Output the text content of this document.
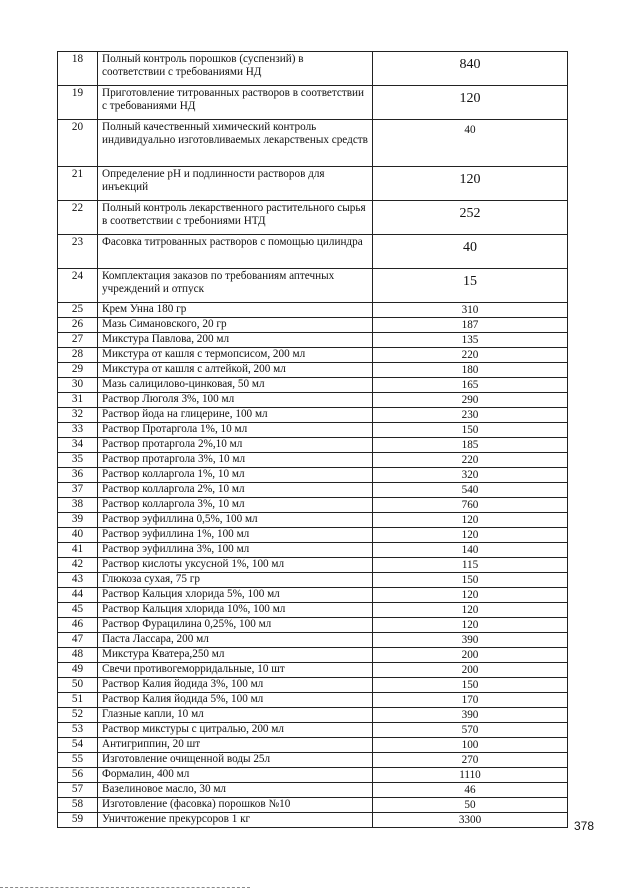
18	Полный контроль порошков (суспензий) в соответствии с требованиями НД	840
19	Приготовление титрованных растворов в соответствии с требованиями НД	120
20	Полный качественный химический контроль индивидуально изготовливаемых лекарственых средств	40
21	Определение рН и подлинности растворов для инъекций	120
22	Полный контроль лекарственного растительного сырья в соответствии с требониями НТД	252
23	Фасовка титрованных растворов с помощью цилиндра	40
24	Комплектация заказов по требованиям аптечных учреждений и отпуск	15
25	Крем Унна 180 гр	310
26	Мазь Симановского, 20 гр	187
27	Микстура Павлова, 200 мл	135
28	Микстура от кашля с термопсисом, 200 мл	220
29	Микстура от кашля с алтейкой, 200 мл	180
30	Мазь салицилово-цинковая, 50 мл	165
31	Раствор Люголя 3%, 100 мл	290
32	Раствор йода на глицерине, 100 мл	230
33	Раствор Протаргола 1%, 10 мл	150
34	Раствор протаргола 2%,10 мл	185
35	Раствор протаргола 3%, 10 мл	220
36	Раствор колларгола 1%, 10 мл	320
37	Раствор колларгола 2%, 10 мл	540
38	Раствор колларгола 3%, 10 мл	760
39	Раствор эуфиллина 0,5%, 100 мл	120
40	Раствор эуфиллина 1%, 100 мл	120
41	Раствор эуфиллина 3%, 100 мл	140
42	Раствор кислоты уксусной 1%, 100 мл	115
43	Глюкоза сухая, 75 гр	150
44	Раствор Кальция хлорида 5%, 100 мл	120
45	Раствор Кальция хлорида 10%, 100 мл	120
46	Раствор Фурацилина 0,25%, 100 мл	120
47	Паста Лассара, 200 мл	390
48	Микстура Кватера,250 мл	200
49	Свечи противогеморридальные, 10 шт	200
50	Раствор Калия йодида 3%, 100 мл	150
51	Раствор Калия йодида 5%, 100 мл	170
52	Глазные капли, 10 мл	390
53	Раствор микстуры с цитралью, 200 мл	570
54	Антигриппин, 20 шт	100
55	Изготовление очищенной воды 25л	270
56	Формалин, 400 мл	1110
57	Вазелиновое масло, 30 мл	46
58	Изготовление (фасовка) порошков №10	50
59	Уничтожение прекурсоров 1 кг	3300	378
